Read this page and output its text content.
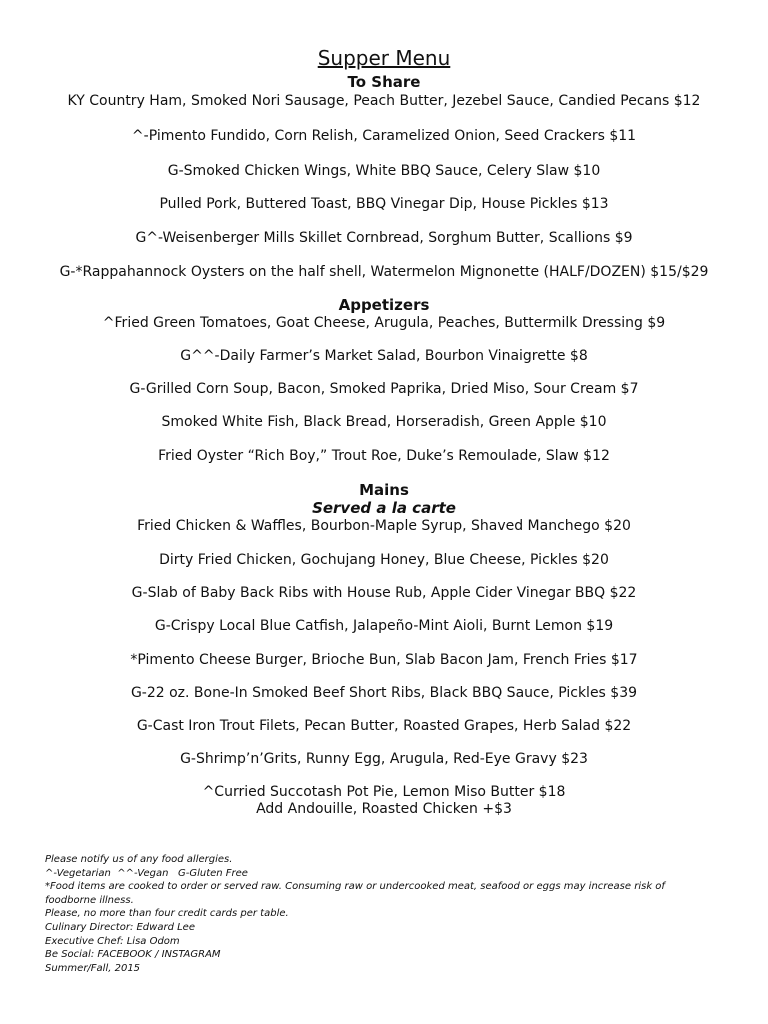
Supper Menu
To Share
KY Country Ham, Smoked Nori Sausage, Peach Butter, Jezebel Sauce, Candied Pecans $12
^-Pimento Fundido, Corn Relish, Caramelized Onion, Seed Crackers $11
G-Smoked Chicken Wings, White BBQ Sauce, Celery Slaw $10
Pulled Pork, Buttered Toast, BBQ Vinegar Dip, House Pickles $13
G^-Weisenberger Mills Skillet Cornbread, Sorghum Butter, Scallions $9
G-*Rappahannock Oysters on the half shell, Watermelon Mignonette (HALF/DOZEN) $15/$29
Appetizers
^Fried Green Tomatoes, Goat Cheese, Arugula, Peaches, Buttermilk Dressing $9
G^^-Daily Farmer’s Market Salad, Bourbon Vinaigrette $8
G-Grilled Corn Soup, Bacon, Smoked Paprika, Dried Miso, Sour Cream $7
Smoked White Fish, Black Bread, Horseradish, Green Apple $10
Fried Oyster “Rich Boy,” Trout Roe, Duke’s Remoulade, Slaw $12
Mains
Served a la carte
Fried Chicken & Waffles, Bourbon-Maple Syrup, Shaved Manchego $20
Dirty Fried Chicken, Gochujang Honey, Blue Cheese, Pickles $20
G-Slab of Baby Back Ribs with House Rub, Apple Cider Vinegar BBQ $22
G-Crispy Local Blue Catfish, Jalapeño-Mint Aioli, Burnt Lemon $19
*Pimento Cheese Burger, Brioche Bun, Slab Bacon Jam, French Fries $17
G-22 oz. Bone-In Smoked Beef Short Ribs, Black BBQ Sauce, Pickles $39
G-Cast Iron Trout Filets, Pecan Butter, Roasted Grapes, Herb Salad $22
G-Shrimp’n’Grits, Runny Egg, Arugula, Red-Eye Gravy $23
^Curried Succotash Pot Pie, Lemon Miso Butter $18
Add Andouille, Roasted Chicken +$3
Please notify us of any food allergies.
^-Vegetarian  ^^-Vegan   G-Gluten Free
*Food items are cooked to order or served raw. Consuming raw or undercooked meat, seafood or eggs may increase risk of
foodborne illness.
Please, no more than four credit cards per table.
Culinary Director: Edward Lee
Executive Chef: Lisa Odom
Be Social: FACEBOOK / INSTAGRAM
Summer/Fall, 2015
